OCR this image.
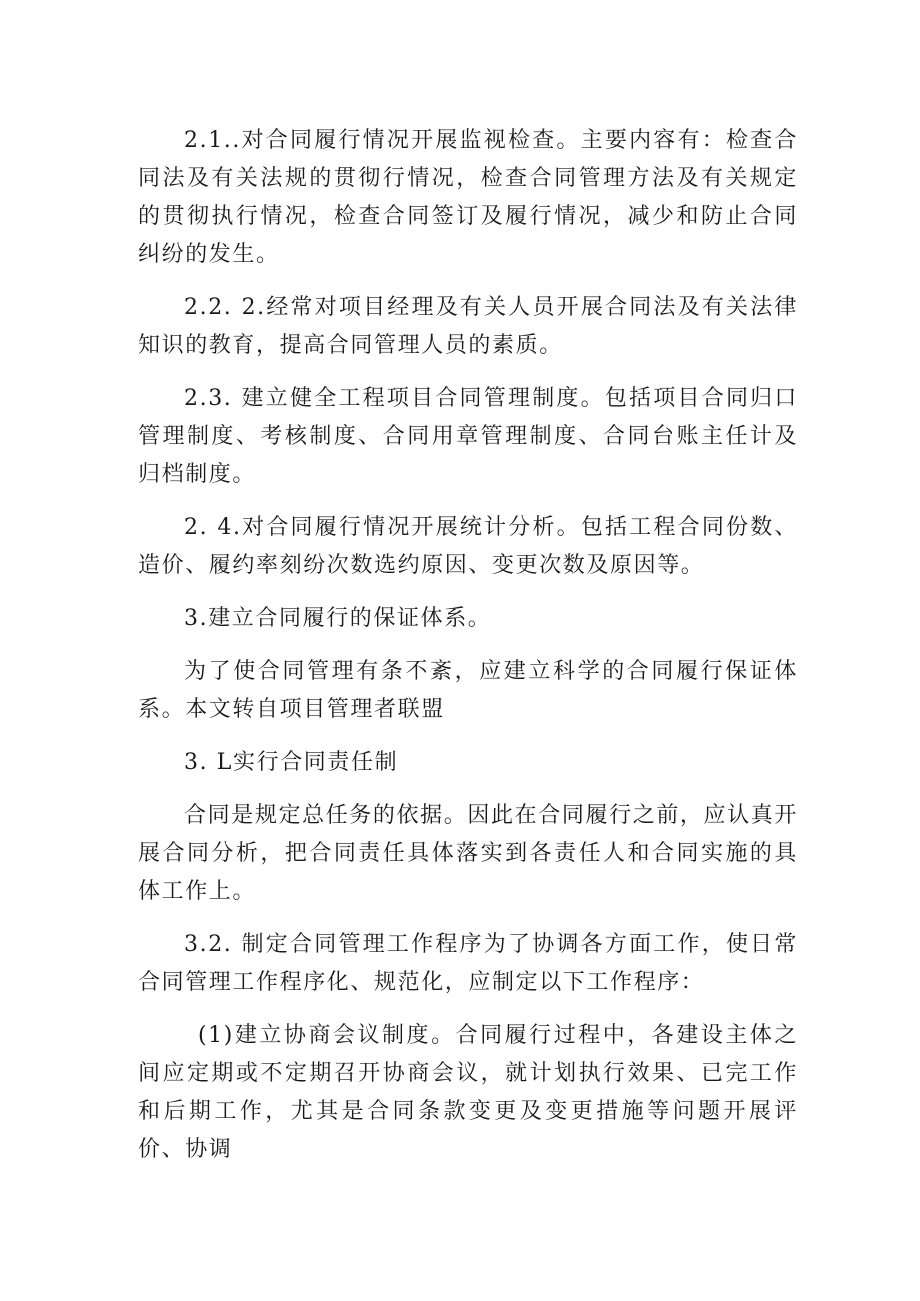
2.1..对合同履行情况开展监视检查。主要内容有：检查合同法及有关法规的贯彻行情况，检查合同管理方法及有关规定的贯彻执行情况，检查合同签订及履行情况，减少和防止合同纠纷的发生。

2.2. 2.经常对项目经理及有关人员开展合同法及有关法律知识的教育，提高合同管理人员的素质。

2.3. 建立健全工程项目合同管理制度。包括项目合同归口管理制度、考核制度、合同用章管理制度、合同台账主任计及归档制度。

2. 4.对合同履行情况开展统计分析。包括工程合同份数、造价、履约率刻纷次数选约原因、变更次数及原因等。

3.建立合同履行的保证体系。

为了使合同管理有条不紊，应建立科学的合同履行保证体系。本文转自项目管理者联盟

3. L实行合同责任制

合同是规定总任务的依据。因此在合同履行之前，应认真开展合同分析，把合同责任具体落实到各责任人和合同实施的具体工作上。

3.2. 制定合同管理工作程序为了协调各方面工作，使日常合同管理工作程序化、规范化，应制定以下工作程序：

(1)建立协商会议制度。合同履行过程中，各建设主体之间应定期或不定期召开协商会议，就计划执行效果、已完工作和后期工作，尤其是合同条款变更及变更措施等问题开展评价、协调
